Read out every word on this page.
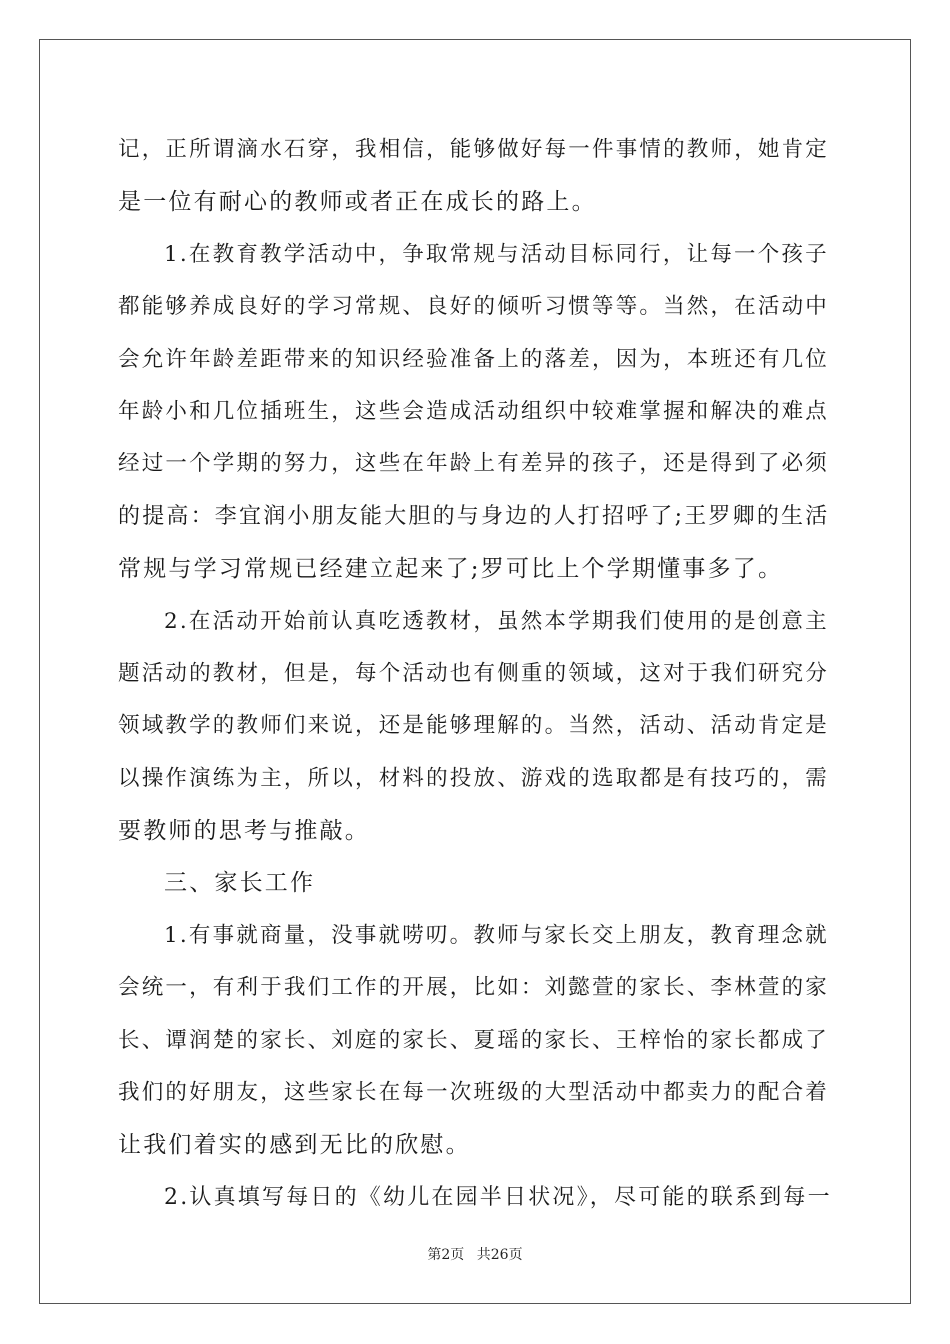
记，正所谓滴水石穿，我相信，能够做好每一件事情的教师，她肯定
是一位有耐心的教师或者正在成长的路上。
1.在教育教学活动中，争取常规与活动目标同行，让每一个孩子
都能够养成良好的学习常规、良好的倾听习惯等等。当然，在活动中
会允许年龄差距带来的知识经验准备上的落差，因为，本班还有几位
年龄小和几位插班生，这些会造成活动组织中较难掌握和解决的难点
经过一个学期的努力，这些在年龄上有差异的孩子，还是得到了必须
的提高：李宜润小朋友能大胆的与身边的人打招呼了;王罗卿的生活
常规与学习常规已经建立起来了;罗可比上个学期懂事多了。
2.在活动开始前认真吃透教材，虽然本学期我们使用的是创意主
题活动的教材，但是，每个活动也有侧重的领域，这对于我们研究分
领域教学的教师们来说，还是能够理解的。当然，活动、活动肯定是
以操作演练为主，所以，材料的投放、游戏的选取都是有技巧的，需
要教师的思考与推敲。
三、家长工作
1.有事就商量，没事就唠叨。教师与家长交上朋友，教育理念就
会统一，有利于我们工作的开展，比如：刘懿萱的家长、李林萱的家
长、谭润楚的家长、刘庭的家长、夏瑶的家长、王梓怡的家长都成了
我们的好朋友，这些家长在每一次班级的大型活动中都卖力的配合着
让我们着实的感到无比的欣慰。
2.认真填写每日的《幼儿在园半日状况》，尽可能的联系到每一
第2页 共26页
